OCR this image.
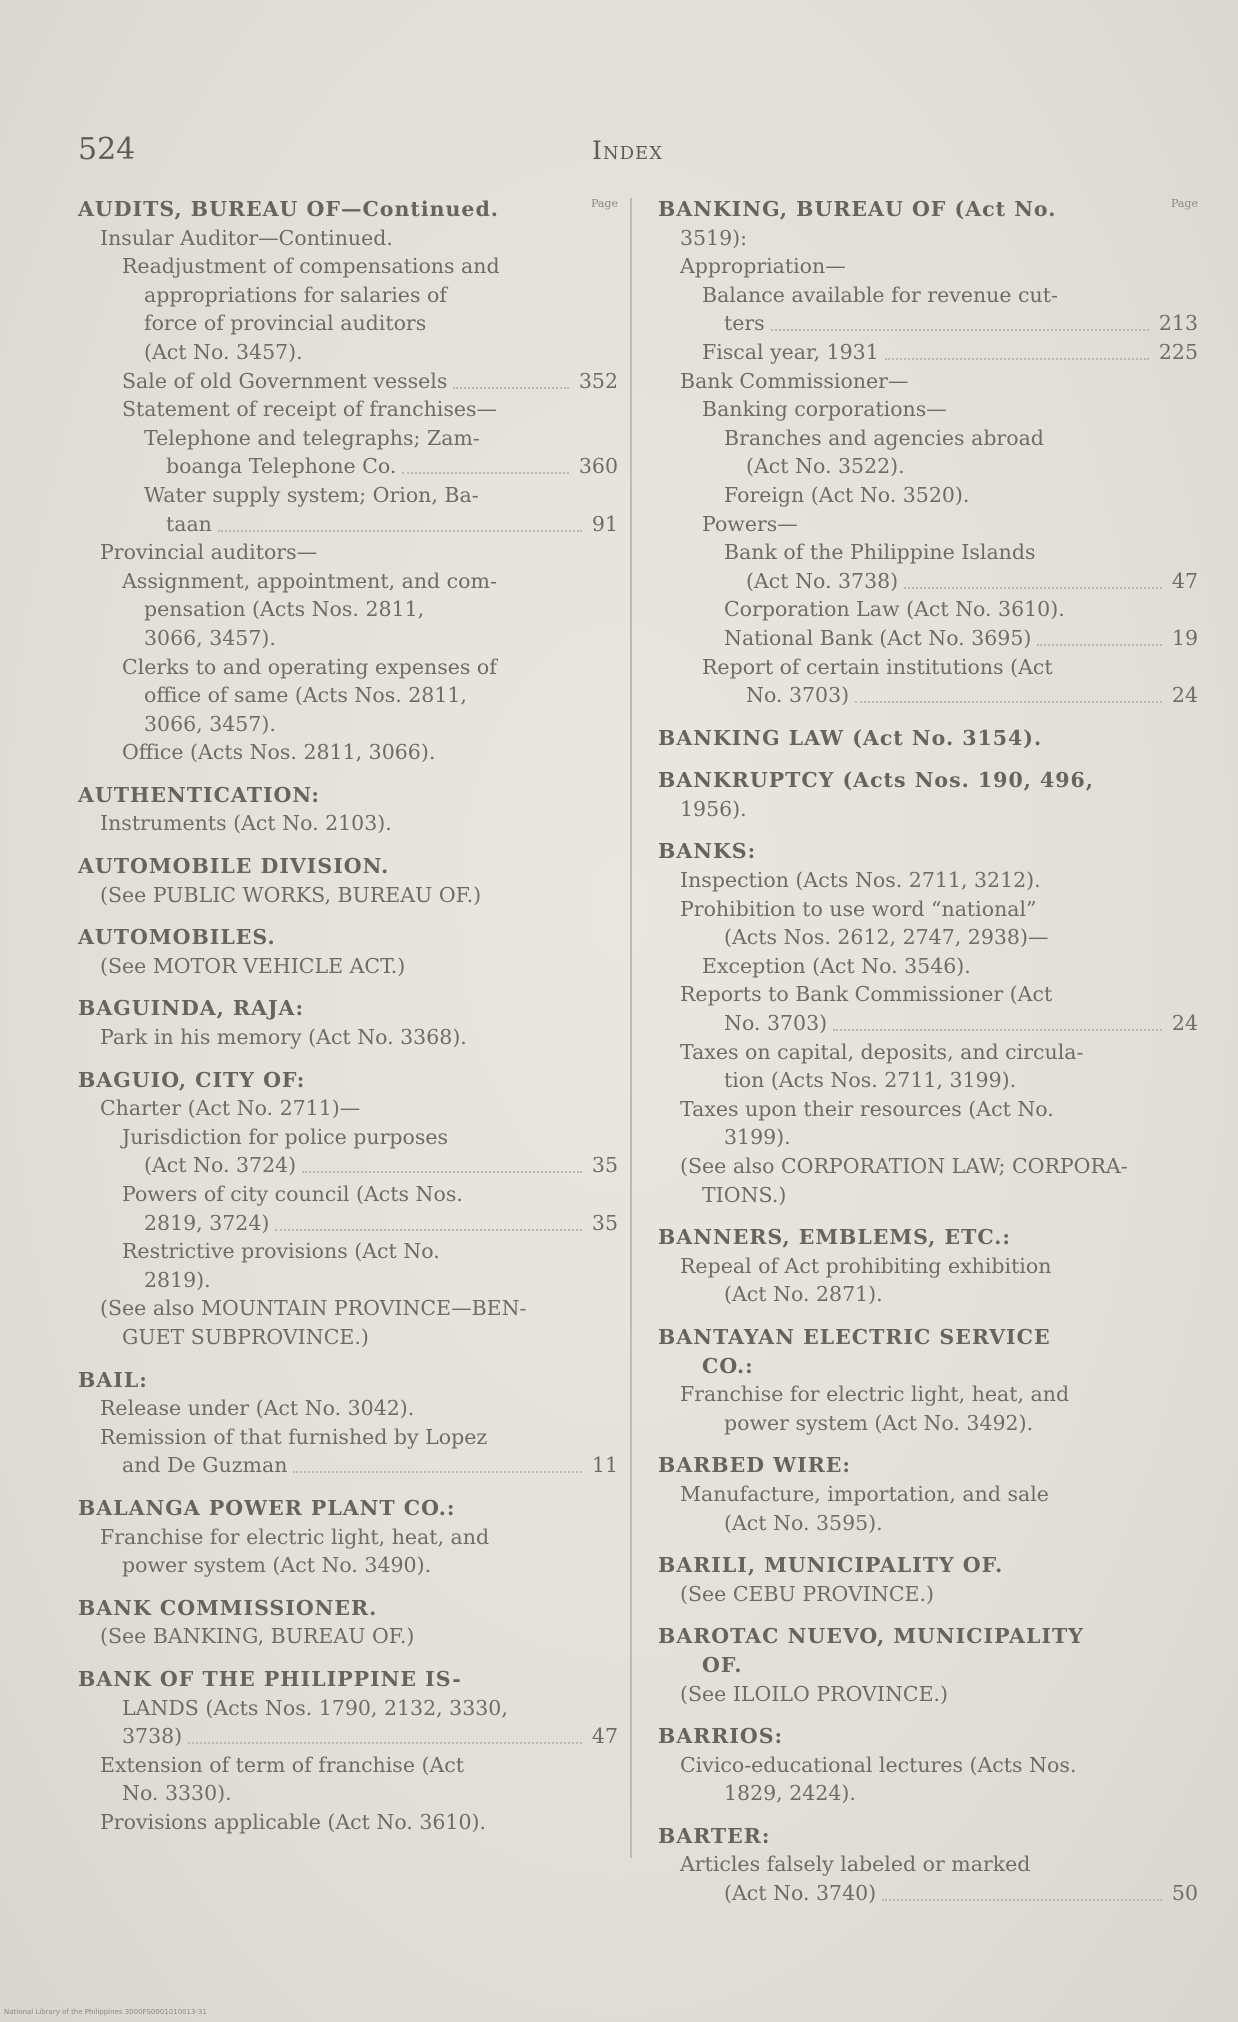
524	Index
Page
AUDITS, BUREAU OF—Continued.
Insular Auditor—Continued.
Readjustment of compensations and
appropriations for salaries of
force of provincial auditors
(Act No. 3457).
Sale of old Government vessels	352
Statement of receipt of franchises—
Telephone and telegraphs; Zam-
boanga Telephone Co.	360
Water supply system; Orion, Ba-
taan	91
Provincial auditors—
Assignment, appointment, and com-
pensation (Acts Nos. 2811,
3066, 3457).
Clerks to and operating expenses of
office of same (Acts Nos. 2811,
3066, 3457).
Office (Acts Nos. 2811, 3066).
AUTHENTICATION:
Instruments (Act No. 2103).
AUTOMOBILE DIVISION.
(See PUBLIC WORKS, BUREAU OF.)
AUTOMOBILES.
(See MOTOR VEHICLE ACT.)
BAGUINDA, RAJA:
Park in his memory (Act No. 3368).
BAGUIO, CITY OF:
Charter (Act No. 2711)—
Jurisdiction for police purposes
(Act No. 3724)	35
Powers of city council (Acts Nos.
2819, 3724)	35
Restrictive provisions (Act No.
2819).
(See also MOUNTAIN PROVINCE—BEN-
GUET SUBPROVINCE.)
BAIL:
Release under (Act No. 3042).
Remission of that furnished by Lopez
and De Guzman	11
BALANGA POWER PLANT CO.:
Franchise for electric light, heat, and
power system (Act No. 3490).
BANK COMMISSIONER.
(See BANKING, BUREAU OF.)
BANK OF THE PHILIPPINE IS-
LANDS (Acts Nos. 1790, 2132, 3330,
3738)	47
Extension of term of franchise (Act
No. 3330).
Provisions applicable (Act No. 3610).
Page
BANKING, BUREAU OF (Act No.
3519):
Appropriation—
Balance available for revenue cut-
ters	213
Fiscal year, 1931	225
Bank Commissioner—
Banking corporations—
Branches and agencies abroad
(Act No. 3522).
Foreign (Act No. 3520).
Powers—
Bank of the Philippine Islands
(Act No. 3738)	47
Corporation Law (Act No. 3610).
National Bank (Act No. 3695)	19
Report of certain institutions (Act
No. 3703)	24
BANKING LAW (Act No. 3154).
BANKRUPTCY (Acts Nos. 190, 496,
1956).
BANKS:
Inspection (Acts Nos. 2711, 3212).
Prohibition to use word “national”
(Acts Nos. 2612, 2747, 2938)—
Exception (Act No. 3546).
Reports to Bank Commissioner (Act
No. 3703)	24
Taxes on capital, deposits, and circula-
tion (Acts Nos. 2711, 3199).
Taxes upon their resources (Act No.
3199).
(See also CORPORATION LAW; CORPORA-
TIONS.)
BANNERS, EMBLEMS, ETC.:
Repeal of Act prohibiting exhibition
(Act No. 2871).
BANTAYAN ELECTRIC SERVICE
CO.:
Franchise for electric light, heat, and
power system (Act No. 3492).
BARBED WIRE:
Manufacture, importation, and sale
(Act No. 3595).
BARILI, MUNICIPALITY OF.
(See CEBU PROVINCE.)
BAROTAC NUEVO, MUNICIPALITY
OF.
(See ILOILO PROVINCE.)
BARRIOS:
Civico-educational lectures (Acts Nos.
1829, 2424).
BARTER:
Articles falsely labeled or marked
(Act No. 3740)	50
National Library of the Philippines 3000FS0001010013-31
